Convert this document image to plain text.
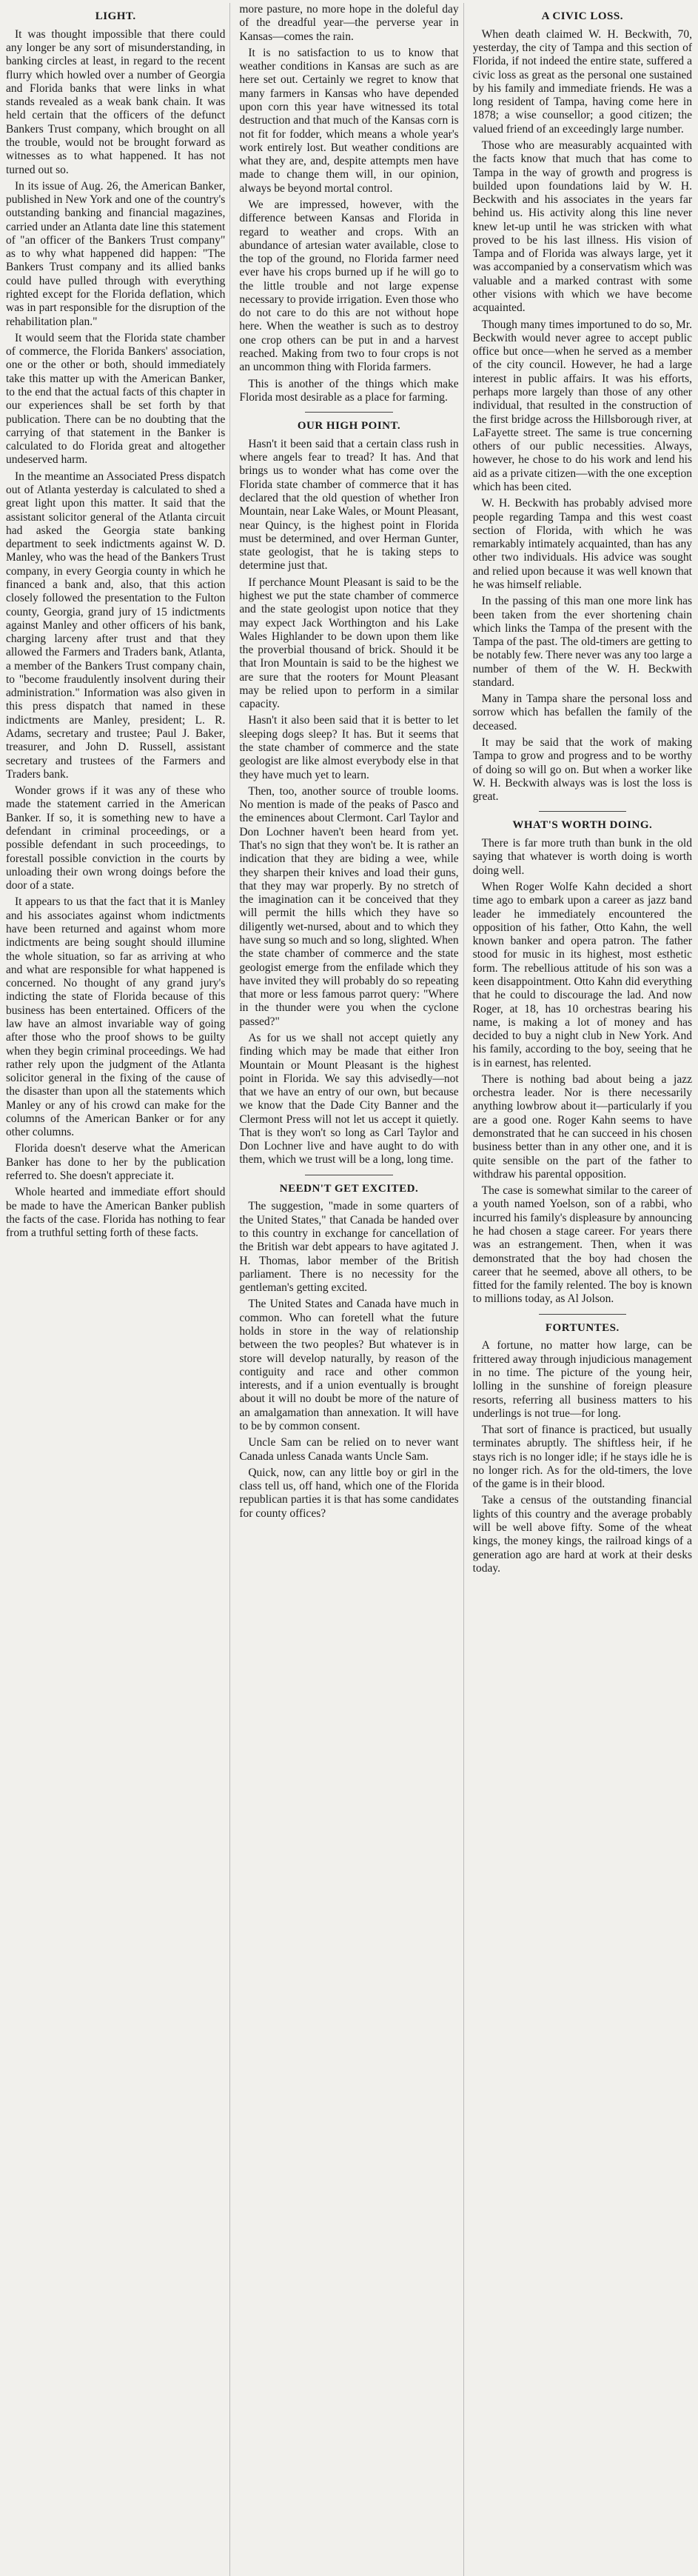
LIGHT.

It was thought impossible that there could any longer be any sort of misunderstanding, in banking circles at least, in regard to the recent flurry which howled over a number of Georgia and Florida banks that were links in what stands revealed as a weak bank chain. It was held certain that the officers of the defunct Bankers Trust company, which brought on all the trouble, would not be brought forward as witnesses as to what happened. It has not turned out so.

In its issue of Aug. 26, the American Banker, published in New York and one of the country's outstanding banking and financial magazines, carried under an Atlanta date line this statement of "an officer of the Bankers Trust company" as to why what happened did happen: "The Bankers Trust company and its allied banks could have pulled through with everything righted except for the Florida deflation, which was in part responsible for the disruption of the rehabilitation plan."

It would seem that the Florida state chamber of commerce, the Florida Bankers' association, one or the other or both, should immediately take this matter up with the American Banker, to the end that the actual facts of this chapter in our experiences shall be set forth by that publication. There can be no doubting that the carrying of that statement in the Banker is calculated to do Florida great and altogether undeserved harm.

In the meantime an Associated Press dispatch out of Atlanta yesterday is calculated to shed a great light upon this matter. It said that the assistant solicitor general of the Atlanta circuit had asked the Georgia state banking department to seek indictments against W. D. Manley, who was the head of the Bankers Trust company, in every Georgia county in which he financed a bank and, also, that this action closely followed the presentation to the Fulton county, Georgia, grand jury of 15 indictments against Manley and other officers of his bank, charging larceny after trust and that they allowed the Farmers and Traders bank, Atlanta, a member of the Bankers Trust company chain, to "become fraudulently insolvent during their administration." Information was also given in this press dispatch that named in these indictments are Manley, president; L. R. Adams, secretary and trustee; Paul J. Baker, treasurer, and John D. Russell, assistant secretary and trustees of the Farmers and Traders bank.

Wonder grows if it was any of these who made the statement carried in the American Banker. If so, it is something new to have a defendant in criminal proceedings, or a possible defendant in such proceedings, to forestall possible conviction in the courts by unloading their own wrong doings before the door of a state.

It appears to us that the fact that it is Manley and his associates against whom indictments have been returned and against whom more indictments are being sought should illumine the whole situation, so far as arriving at who and what are responsible for what happened is concerned. No thought of any grand jury's indicting the state of Florida because of this business has been entertained. Officers of the law have an almost invariable way of going after those who the proof shows to be guilty when they begin criminal proceedings. We had rather rely upon the judgment of the Atlanta solicitor general in the fixing of the cause of the disaster than upon all the statements which Manley or any of his crowd can make for the columns of the American Banker or for any other columns.

Florida doesn't deserve what the American Banker has done to her by the publication referred to. She doesn't appreciate it.

Whole hearted and immediate effort should be made to have the American Banker publish the facts of the case. Florida has nothing to fear from a truthful setting forth of these facts.

more pasture, no more hope in the doleful day of the dreadful year—the perverse year in Kansas—comes the rain.

It is no satisfaction to us to know that weather conditions in Kansas are such as are here set out. Certainly we regret to know that many farmers in Kansas who have depended upon corn this year have witnessed its total destruction and that much of the Kansas corn is not fit for fodder, which means a whole year's work entirely lost. But weather conditions are what they are, and, despite attempts men have made to change them will, in our opinion, always be beyond mortal control.

We are impressed, however, with the difference between Kansas and Florida in regard to weather and crops. With an abundance of artesian water available, close to the top of the ground, no Florida farmer need ever have his crops burned up if he will go to the little trouble and not large expense necessary to provide irrigation. Even those who do not care to do this are not without hope here. When the weather is such as to destroy one crop others can be put in and a harvest reached. Making from two to four crops is not an uncommon thing with Florida farmers.

This is another of the things which make Florida most desirable as a place for farming.

OUR HIGH POINT.

Hasn't it been said that a certain class rush in where angels fear to tread? It has. And that brings us to wonder what has come over the Florida state chamber of commerce that it has declared that the old question of whether Iron Mountain, near Lake Wales, or Mount Pleasant, near Quincy, is the highest point in Florida must be determined, and over Herman Gunter, state geologist, that he is taking steps to determine just that.

If perchance Mount Pleasant is said to be the highest we put the state chamber of commerce and the state geologist upon notice that they may expect Jack Worthington and his Lake Wales Highlander to be down upon them like the proverbial thousand of brick. Should it be that Iron Mountain is said to be the highest we are sure that the rooters for Mount Pleasant may be relied upon to perform in a similar capacity.

Hasn't it also been said that it is better to let sleeping dogs sleep? It has. But it seems that the state chamber of commerce and the state geologist are like almost everybody else in that they have much yet to learn.

Then, too, another source of trouble looms. No mention is made of the peaks of Pasco and the eminences about Clermont. Carl Taylor and Don Lochner haven't been heard from yet. That's no sign that they won't be. It is rather an indication that they are biding a wee, while they sharpen their knives and load their guns, that they may war properly. By no stretch of the imagination can it be conceived that they will permit the hills which they have so diligently wet-nursed, about and to which they have sung so much and so long, slighted. When the state chamber of commerce and the state geologist emerge from the enfilade which they have invited they will probably do so repeating that more or less famous parrot query: "Where in the thunder were you when the cyclone passed?"

As for us we shall not accept quietly any finding which may be made that either Iron Mountain or Mount Pleasant is the highest point in Florida. We say this advisedly—not that we have an entry of our own, but because we know that the Dade City Banner and the Clermont Press will not let us accept it quietly. That is they won't so long as Carl Taylor and Don Lochner live and have aught to do with them, which we trust will be a long, long time.

NEEDN'T GET EXCITED.

The suggestion, "made in some quarters of the United States," that Canada be handed over to this country in exchange for cancellation of the British war debt appears to have agitated J. H. Thomas, labor member of the British parliament. There is no necessity for the gentleman's getting excited.

The United States and Canada have much in common. Who can foretell what the future holds in store in the way of relationship between the two peoples? But whatever is in store will develop naturally, by reason of the contiguity and race and other common interests, and if a union eventually is brought about it will no doubt be more of the nature of an amalgamation than annexation. It will have to be by common consent.

Uncle Sam can be relied on to never want Canada unless Canada wants Uncle Sam.

Quick, now, can any little boy or girl in the class tell us, off hand, which one of the Florida republican parties it is that has some candidates for county offices?

A CIVIC LOSS.

When death claimed W. H. Beckwith, 70, yesterday, the city of Tampa and this section of Florida, if not indeed the entire state, suffered a civic loss as great as the personal one sustained by his family and immediate friends. He was a long resident of Tampa, having come here in 1878; a wise counsellor; a good citizen; the valued friend of an exceedingly large number.

Those who are measurably acquainted with the facts know that much that has come to Tampa in the way of growth and progress is builded upon foundations laid by W. H. Beckwith and his associates in the years far behind us. His activity along this line never knew let-up until he was stricken with what proved to be his last illness. His vision of Tampa and of Florida was always large, yet it was accompanied by a conservatism which was valuable and a marked contrast with some other visions with which we have become acquainted.

Though many times importuned to do so, Mr. Beckwith would never agree to accept public office but once—when he served as a member of the city council. However, he had a large interest in public affairs. It was his efforts, perhaps more largely than those of any other individual, that resulted in the construction of the first bridge across the Hillsborough river, at LaFayette street. The same is true concerning others of our public necessities. Always, however, he chose to do his work and lend his aid as a private citizen—with the one exception which has been cited.

W. H. Beckwith has probably advised more people regarding Tampa and this west coast section of Florida, with which he was remarkably intimately acquainted, than has any other two individuals. His advice was sought and relied upon because it was well known that he was himself reliable.

In the passing of this man one more link has been taken from the ever shortening chain which links the Tampa of the present with the Tampa of the past. The old-timers are getting to be notably few. There never was any too large a number of them of the W. H. Beckwith standard.

Many in Tampa share the personal loss and sorrow which has befallen the family of the deceased.

It may be said that the work of making Tampa to grow and progress and to be worthy of doing so will go on. But when a worker like W. H. Beckwith always was is lost the loss is great.

WHAT'S WORTH DOING.

There is far more truth than bunk in the old saying that whatever is worth doing is worth doing well.

When Roger Wolfe Kahn decided a short time ago to embark upon a career as jazz band leader he immediately encountered the opposition of his father, Otto Kahn, the well known banker and opera patron. The father stood for music in its highest, most esthetic form. The rebellious attitude of his son was a keen disappointment. Otto Kahn did everything that he could to discourage the lad. And now Roger, at 18, has 10 orchestras bearing his name, is making a lot of money and has decided to buy a night club in New York. And his family, according to the boy, seeing that he is in earnest, has relented.

There is nothing bad about being a jazz orchestra leader. Nor is there necessarily anything lowbrow about it—particularly if you are a good one. Roger Kahn seems to have demonstrated that he can succeed in his chosen business better than in any other one, and it is quite sensible on the part of the father to withdraw his parental opposition.

The case is somewhat similar to the career of a youth named Yoelson, son of a rabbi, who incurred his family's displeasure by announcing he had chosen a stage career. For years there was an estrangement. Then, when it was demonstrated that the boy had chosen the career that he seemed, above all others, to be fitted for the family relented. The boy is known to millions today, as Al Jolson.

FORTUNTES.

A fortune, no matter how large, can be frittered away through injudicious management in no time. The picture of the young heir, lolling in the sunshine of foreign pleasure resorts, referring all business matters to his underlings is not true—for long.

That sort of finance is practiced, but usually terminates abruptly. The shiftless heir, if he stays rich is no longer idle; if he stays idle he is no longer rich. As for the old-timers, the love of the game is in their blood.

Take a census of the outstanding financial lights of this country and the average probably will be well above fifty. Some of the wheat kings, the money kings, the railroad kings of a generation ago are hard at work at their desks today.
